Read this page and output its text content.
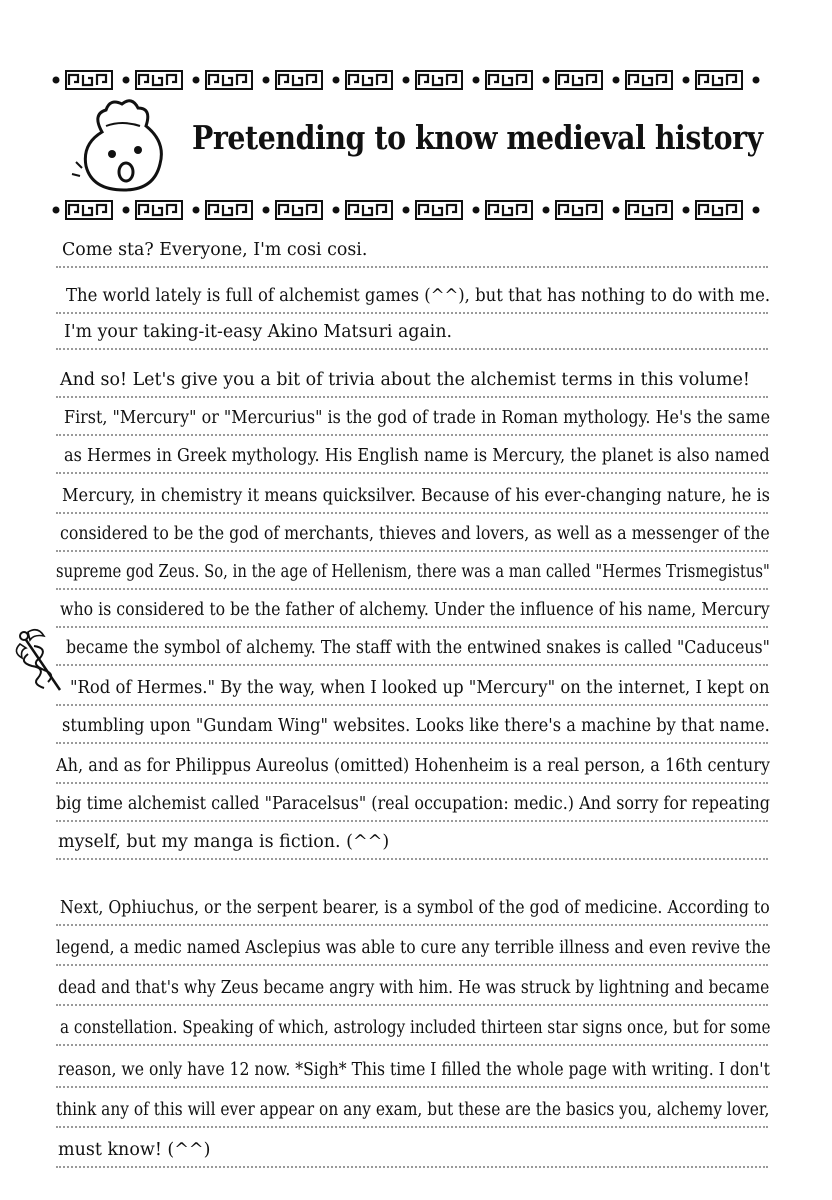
Pretending to know medieval history
Come sta? Everyone, I'm cosi cosi.
The world lately is full of alchemist games (^^), but that has nothing to do with me.
I'm your taking-it-easy Akino Matsuri again.
And so! Let's give you a bit of trivia about the alchemist terms in this volume!
First, "Mercury" or "Mercurius" is the god of trade in Roman mythology. He's the same
as Hermes in Greek mythology. His English name is Mercury, the planet is also named
Mercury, in chemistry it means quicksilver. Because of his ever-changing nature, he is
considered to be the god of merchants, thieves and lovers, as well as a messenger of the
supreme god Zeus. So, in the age of Hellenism, there was a man called "Hermes Trismegistus"
who is considered to be the father of alchemy. Under the influence of his name, Mercury
became the symbol of alchemy. The staff with the entwined snakes is called "Caduceus"
"Rod of Hermes." By the way, when I looked up "Mercury" on the internet, I kept on
stumbling upon "Gundam Wing" websites. Looks like there's a machine by that name.
Ah, and as for Philippus Aureolus (omitted) Hohenheim is a real person, a 16th century
big time alchemist called "Paracelsus" (real occupation: medic.) And sorry for repeating
myself, but my manga is fiction. (^^)
Next, Ophiuchus, or the serpent bearer, is a symbol of the god of medicine. According to
legend, a medic named Asclepius was able to cure any terrible illness and even revive the
dead and that's why Zeus became angry with him. He was struck by lightning and became
a constellation. Speaking of which, astrology included thirteen star signs once, but for some
reason, we only have 12 now. *Sigh* This time I filled the whole page with writing. I don't
think any of this will ever appear on any exam, but these are the basics you, alchemy lover,
must know! (^^)
